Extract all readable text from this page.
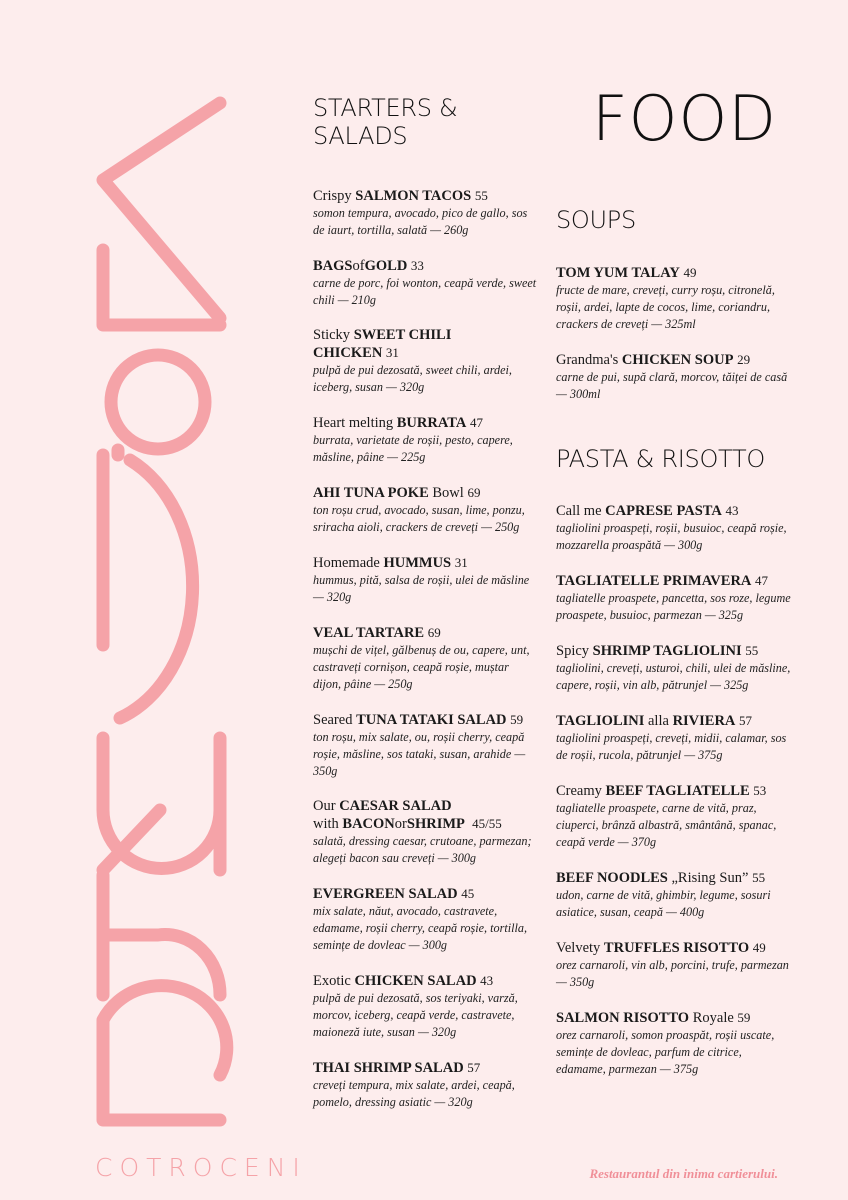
COTROCENI	Restaurantul din inima cartierului.
FOOD
STARTERS &
SALADS
Crispy SALMON TACOS 55
somon tempura, avocado, pico de gallo, sos de iaurt, tortilla, salată — 260g
BAGSofGOLD 33
carne de porc, foi wonton, ceapă verde, sweet chili — 210g
Sticky SWEET CHILI CHICKEN 31
pulpă de pui dezosată, sweet chili, ardei, iceberg, susan — 320g
Heart melting BURRATA 47
burrata, varietate de roșii, pesto, capere, măsline, pâine — 225g
AHI TUNA POKE Bowl 69
ton roșu crud, avocado, susan, lime, ponzu, sriracha aioli, crackers de creveți — 250g
Homemade HUMMUS 31
hummus, pită, salsa de roșii, ulei de măsline — 320g
VEAL TARTARE 69
mușchi de vițel, gălbenuș de ou, capere, unt, castraveți cornișon, ceapă roșie, muștar dijon, pâine — 250g
Seared TUNA TATAKI SALAD 59
ton roșu, mix salate, ou, roșii cherry, ceapă roșie, măsline, sos tataki, susan, arahide — 350g
Our CAESAR SALAD
with BACONorSHRIMP 45/55
salată, dressing caesar, crutoane, parmezan; alegeți bacon sau creveți — 300g
EVERGREEN SALAD 45
mix salate, năut, avocado, castravete, edamame, roșii cherry, ceapă roșie, tortilla, semințe de dovleac — 300g
Exotic CHICKEN SALAD 43
pulpă de pui dezosată, sos teriyaki, varză, morcov, iceberg, ceapă verde, castravete, maioneză iute, susan — 320g
THAI SHRIMP SALAD 57
creveți tempura, mix salate, ardei, ceapă, pomelo, dressing asiatic — 320g
SOUPS
TOM YUM TALAY 49
fructe de mare, creveți, curry roșu, citronelă, roșii, ardei, lapte de cocos, lime, coriandru, crackers de creveți — 325ml
Grandma's CHICKEN SOUP 29
carne de pui, supă clară, morcov, tăiței de casă — 300ml
PASTA & RISOTTO
Call me CAPRESE PASTA 43
tagliolini proaspeți, roșii, busuioc, ceapă roșie, mozzarella proaspătă — 300g
TAGLIATELLE PRIMAVERA 47
tagliatelle proaspete, pancetta, sos roze, legume proaspete, busuioc, parmezan — 325g
Spicy SHRIMP TAGLIOLINI 55
tagliolini, creveți, usturoi, chili, ulei de măsline, capere, roșii, vin alb, pătrunjel — 325g
TAGLIOLINI alla RIVIERA 57
tagliolini proaspeți, creveți, midii, calamar, sos de roșii, rucola, pătrunjel — 375g
Creamy BEEF TAGLIATELLE 53
tagliatelle proaspete, carne de vită, praz, ciuperci, brânză albastră, smântână, spanac, ceapă verde — 370g
BEEF NOODLES „Rising Sun” 55
udon, carne de vită, ghimbir, legume, sosuri asiatice, susan, ceapă — 400g
Velvety TRUFFLES RISOTTO 49
orez carnaroli, vin alb, porcini, trufe, parmezan — 350g
SALMON RISOTTO Royale 59
orez carnaroli, somon proaspăt, roșii uscate, semințe de dovleac, parfum de citrice, edamame, parmezan — 375g
